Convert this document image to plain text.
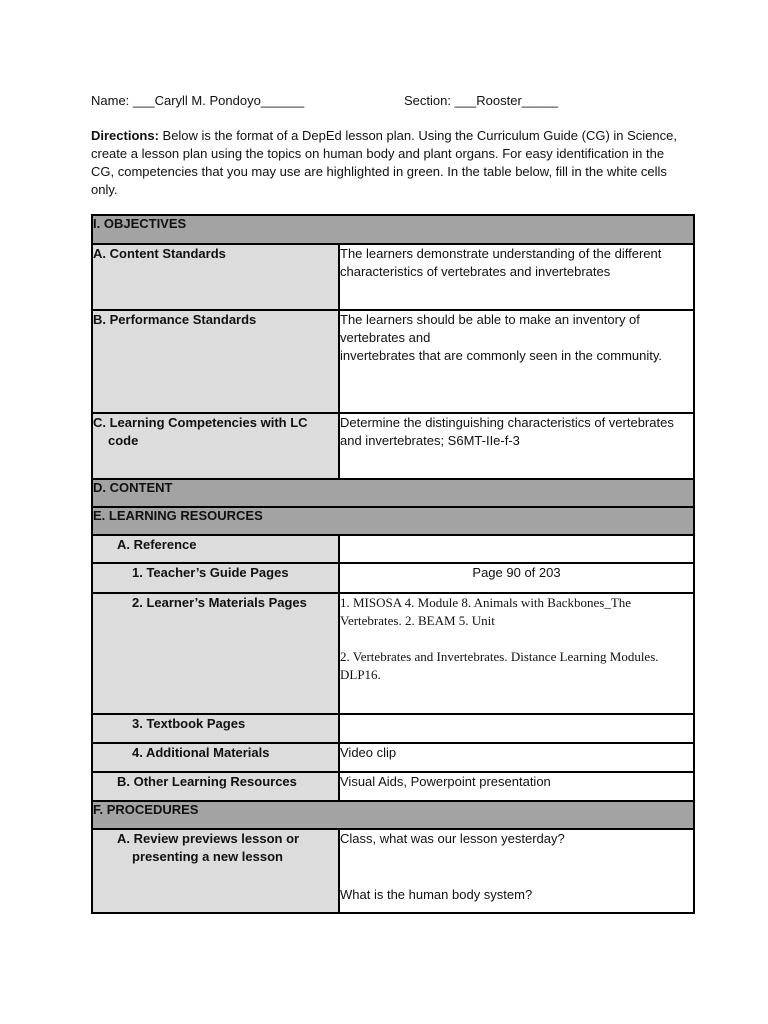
Name: ___Caryll M. Pondoyo______	Section: ___Rooster_____
Directions: Below is the format of a DepEd lesson plan. Using the Curriculum Guide (CG) in Science, create a lesson plan using the topics on human body and plant organs. For easy identification in the CG, competencies that you may use are highlighted in green. In the table below, fill in the white cells only.
I. OBJECTIVES	
A. Content Standards	The learners demonstrate understanding of the different characteristics of vertebrates and invertebrates
B. Performance Standards	The learners should be able to make an inventory of vertebrates and
invertebrates that are commonly seen in the community.

C. Learning Competencies with LC code	Determine the distinguishing characteristics of vertebrates and invertebrates; S6MT-IIe-f-3
D. CONTENT	
E. LEARNING RESOURCES	
A. Reference	
1. Teacher’s Guide Pages	Page 90 of 203
2. Learner’s Materials Pages	1. MISOSA 4. Module 8. Animals with Backbones_The Vertebrates. 2. BEAM 5. Unit
2. Vertebrates and Invertebrates. Distance Learning Modules. DLP16.

3. Textbook Pages	
4. Additional Materials	Video clip
B. Other Learning Resources	Visual Aids, Powerpoint presentation
F. PROCEDURES	

A. Review previews lesson or presenting a new lesson	Class, what was our lesson yesterday?
What is the human body system?
